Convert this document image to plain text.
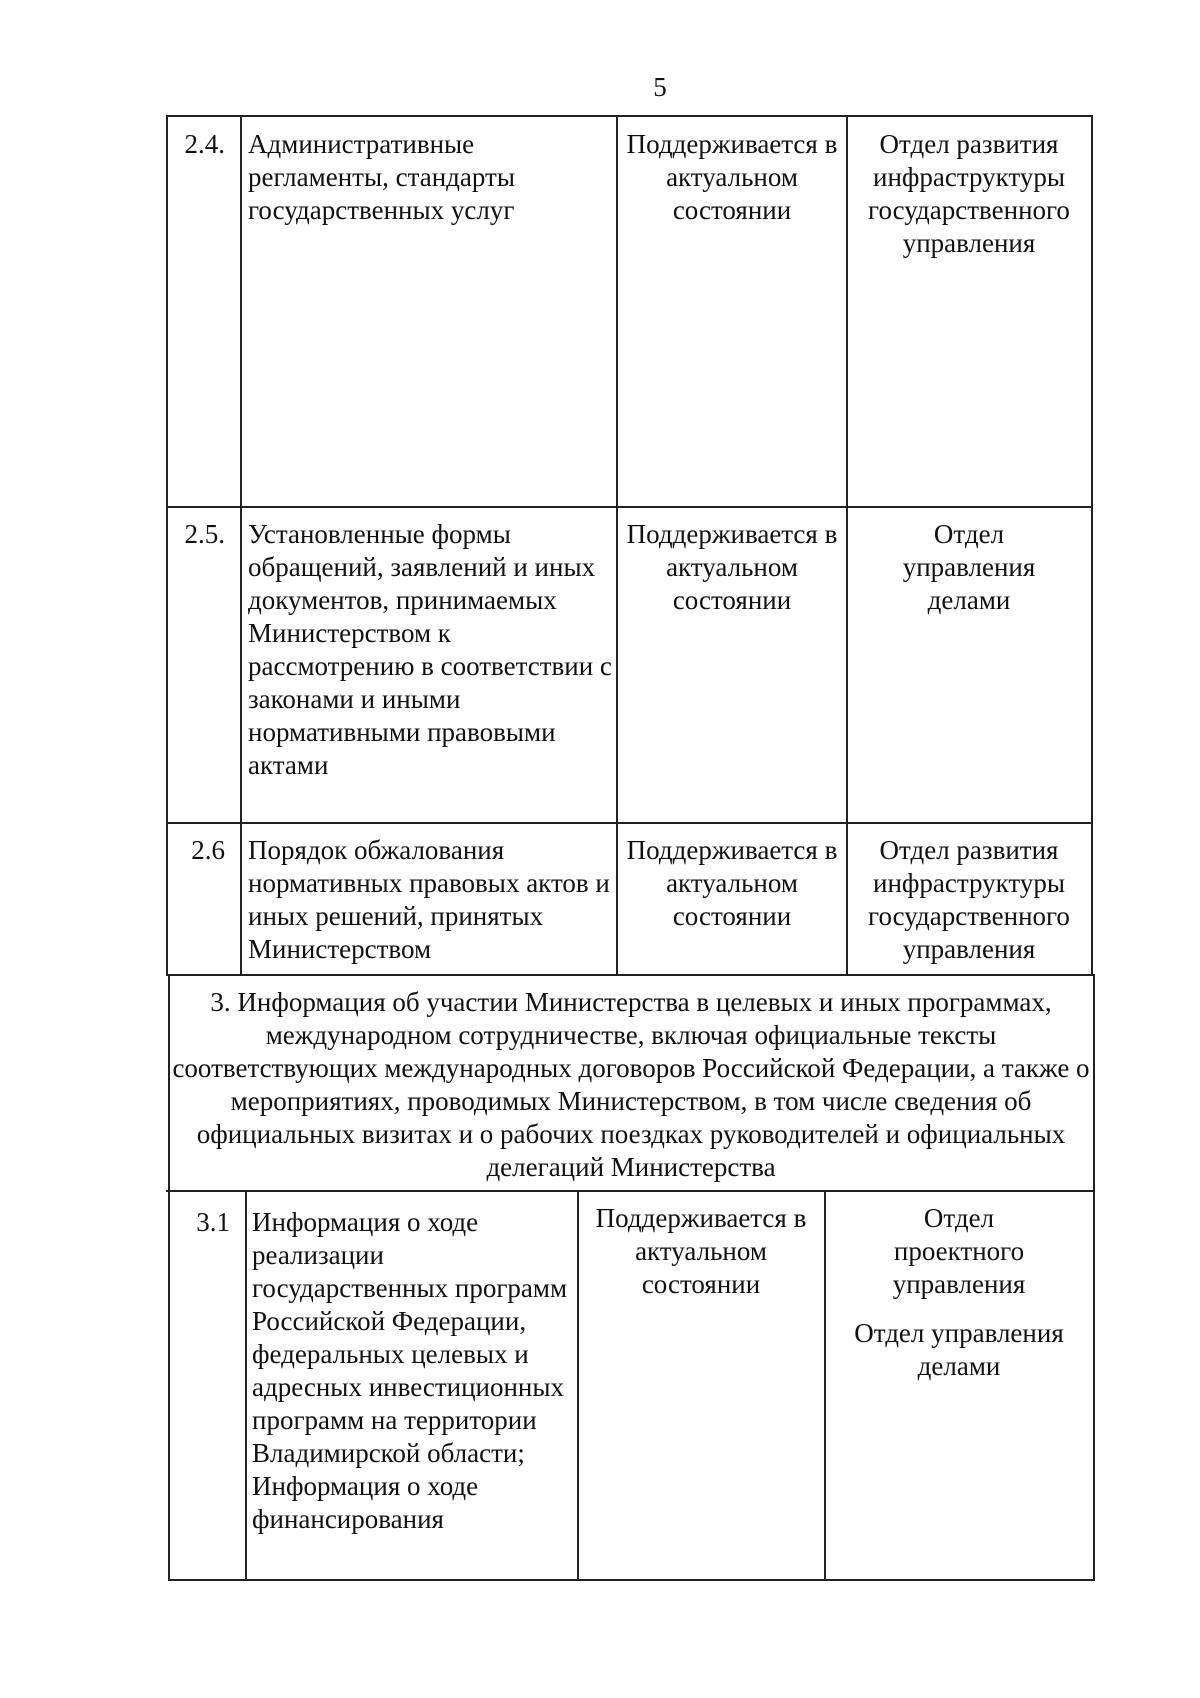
5
2.4. Административные регламенты, стандарты государственных услуг
Поддерживается в актуальном состоянии
Отдел развития инфраструктуры государственного управления
2.5. Установленные формы обращений, заявлений и иных документов, принимаемых Министерством к рассмотрению в соответствии с законами и иными нормативными правовыми актами
Поддерживается в актуальном состоянии
Отдел управления делами
2.6 Порядок обжалования нормативных правовых актов и иных решений, принятых Министерством
Поддерживается в актуальном состоянии
Отдел развития инфраструктуры государственного управления
3. Информация об участии Министерства в целевых и иных программах, международном сотрудничестве, включая официальные тексты соответствующих международных договоров Российской Федерации, а также о мероприятиях, проводимых Министерством, в том числе сведения об официальных визитах и о рабочих поездках руководителей и официальных делегаций Министерства
3.1 Информация о ходе реализации государственных программ Российской Федерации, федеральных целевых и адресных инвестиционных программ на территории Владимирской области; Информация о ходе финансирования
Поддерживается в актуальном состоянии
Отдел проектного управления
Отдел управления делами
